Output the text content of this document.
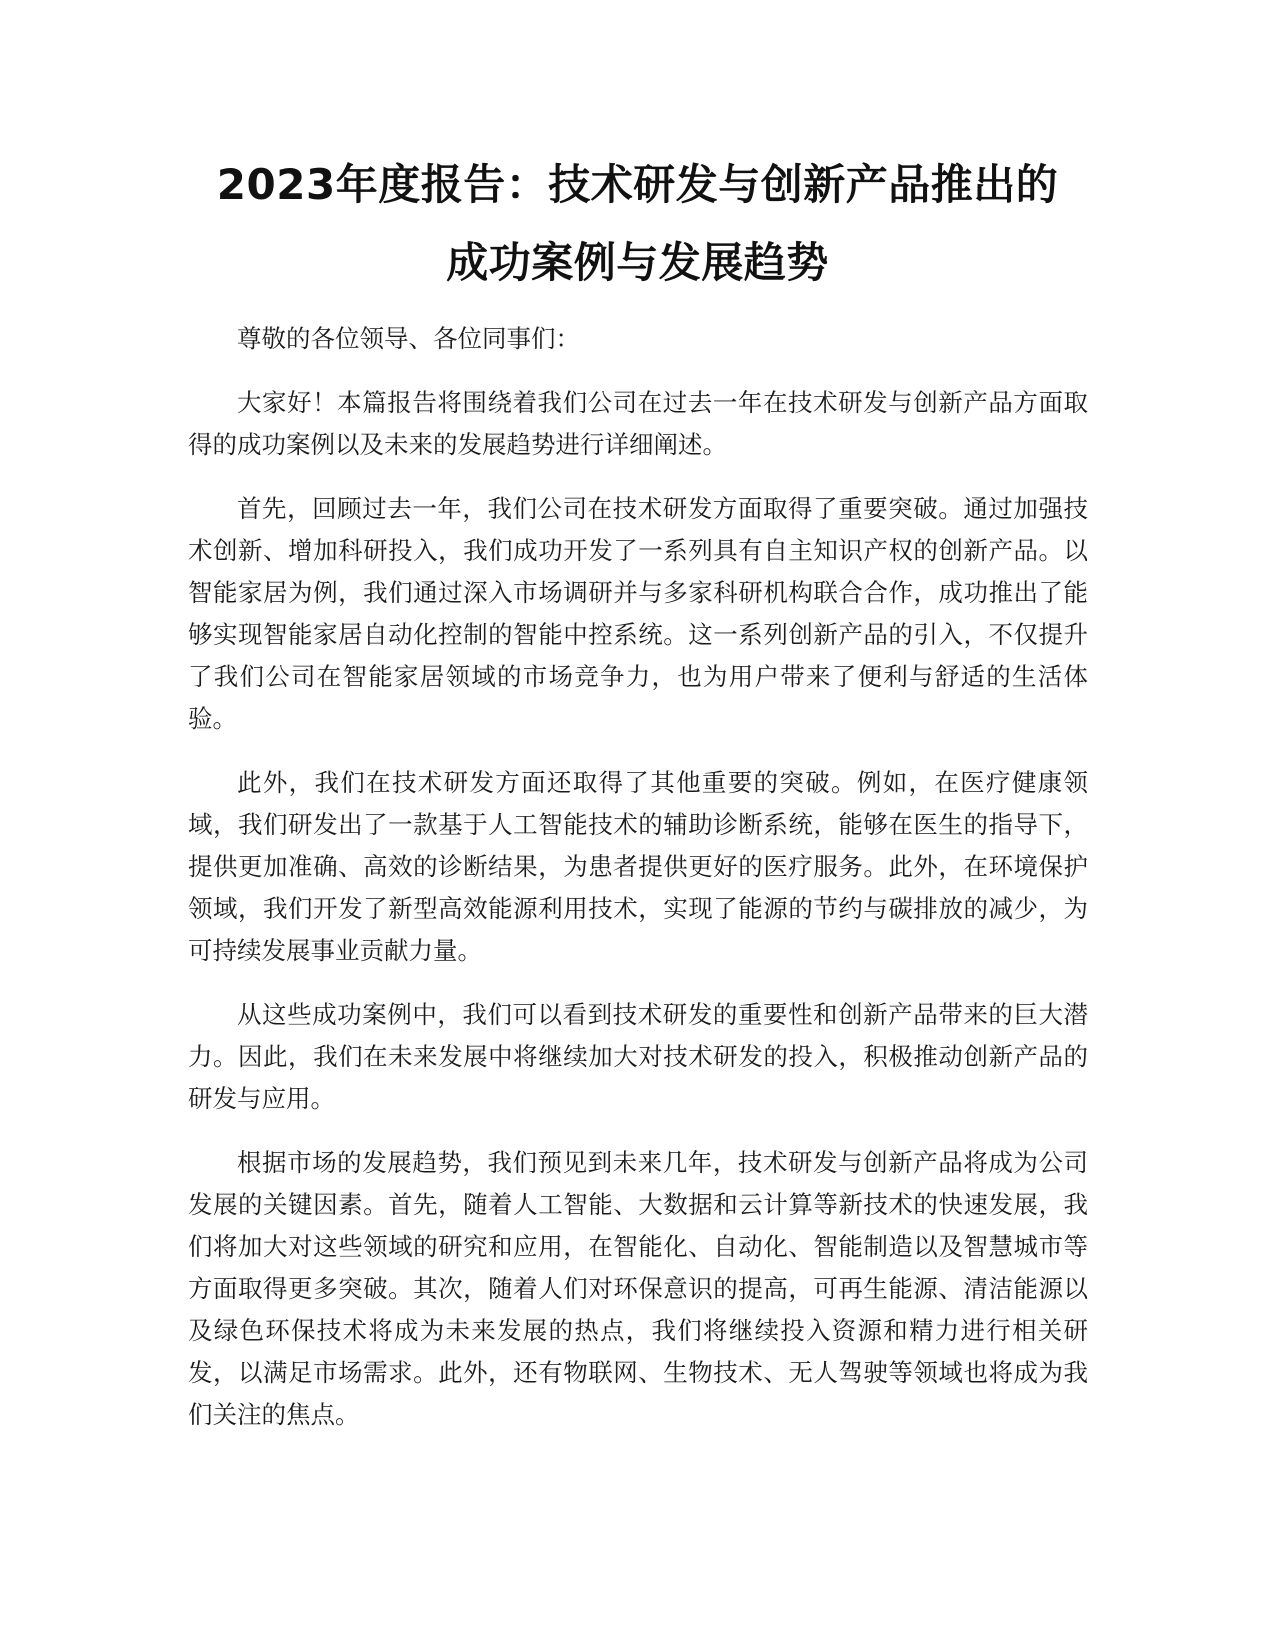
2023年度报告：技术研发与创新产品推出的
成功案例与发展趋势

尊敬的各位领导、各位同事们：

大家好！本篇报告将围绕着我们公司在过去一年在技术研发与创新产品方面取得的成功案例以及未来的发展趋势进行详细阐述。

首先，回顾过去一年，我们公司在技术研发方面取得了重要突破。通过加强技术创新、增加科研投入，我们成功开发了一系列具有自主知识产权的创新产品。以智能家居为例，我们通过深入市场调研并与多家科研机构联合合作，成功推出了能够实现智能家居自动化控制的智能中控系统。这一系列创新产品的引入，不仅提升了我们公司在智能家居领域的市场竞争力，也为用户带来了便利与舒适的生活体验。

此外，我们在技术研发方面还取得了其他重要的突破。例如，在医疗健康领域，我们研发出了一款基于人工智能技术的辅助诊断系统，能够在医生的指导下，提供更加准确、高效的诊断结果，为患者提供更好的医疗服务。此外，在环境保护领域，我们开发了新型高效能源利用技术，实现了能源的节约与碳排放的减少，为可持续发展事业贡献力量。

从这些成功案例中，我们可以看到技术研发的重要性和创新产品带来的巨大潜力。因此，我们在未来发展中将继续加大对技术研发的投入，积极推动创新产品的研发与应用。

根据市场的发展趋势，我们预见到未来几年，技术研发与创新产品将成为公司发展的关键因素。首先，随着人工智能、大数据和云计算等新技术的快速发展，我们将加大对这些领域的研究和应用，在智能化、自动化、智能制造以及智慧城市等方面取得更多突破。其次，随着人们对环保意识的提高，可再生能源、清洁能源以及绿色环保技术将成为未来发展的热点，我们将继续投入资源和精力进行相关研发，以满足市场需求。此外，还有物联网、生物技术、无人驾驶等领域也将成为我们关注的焦点。
